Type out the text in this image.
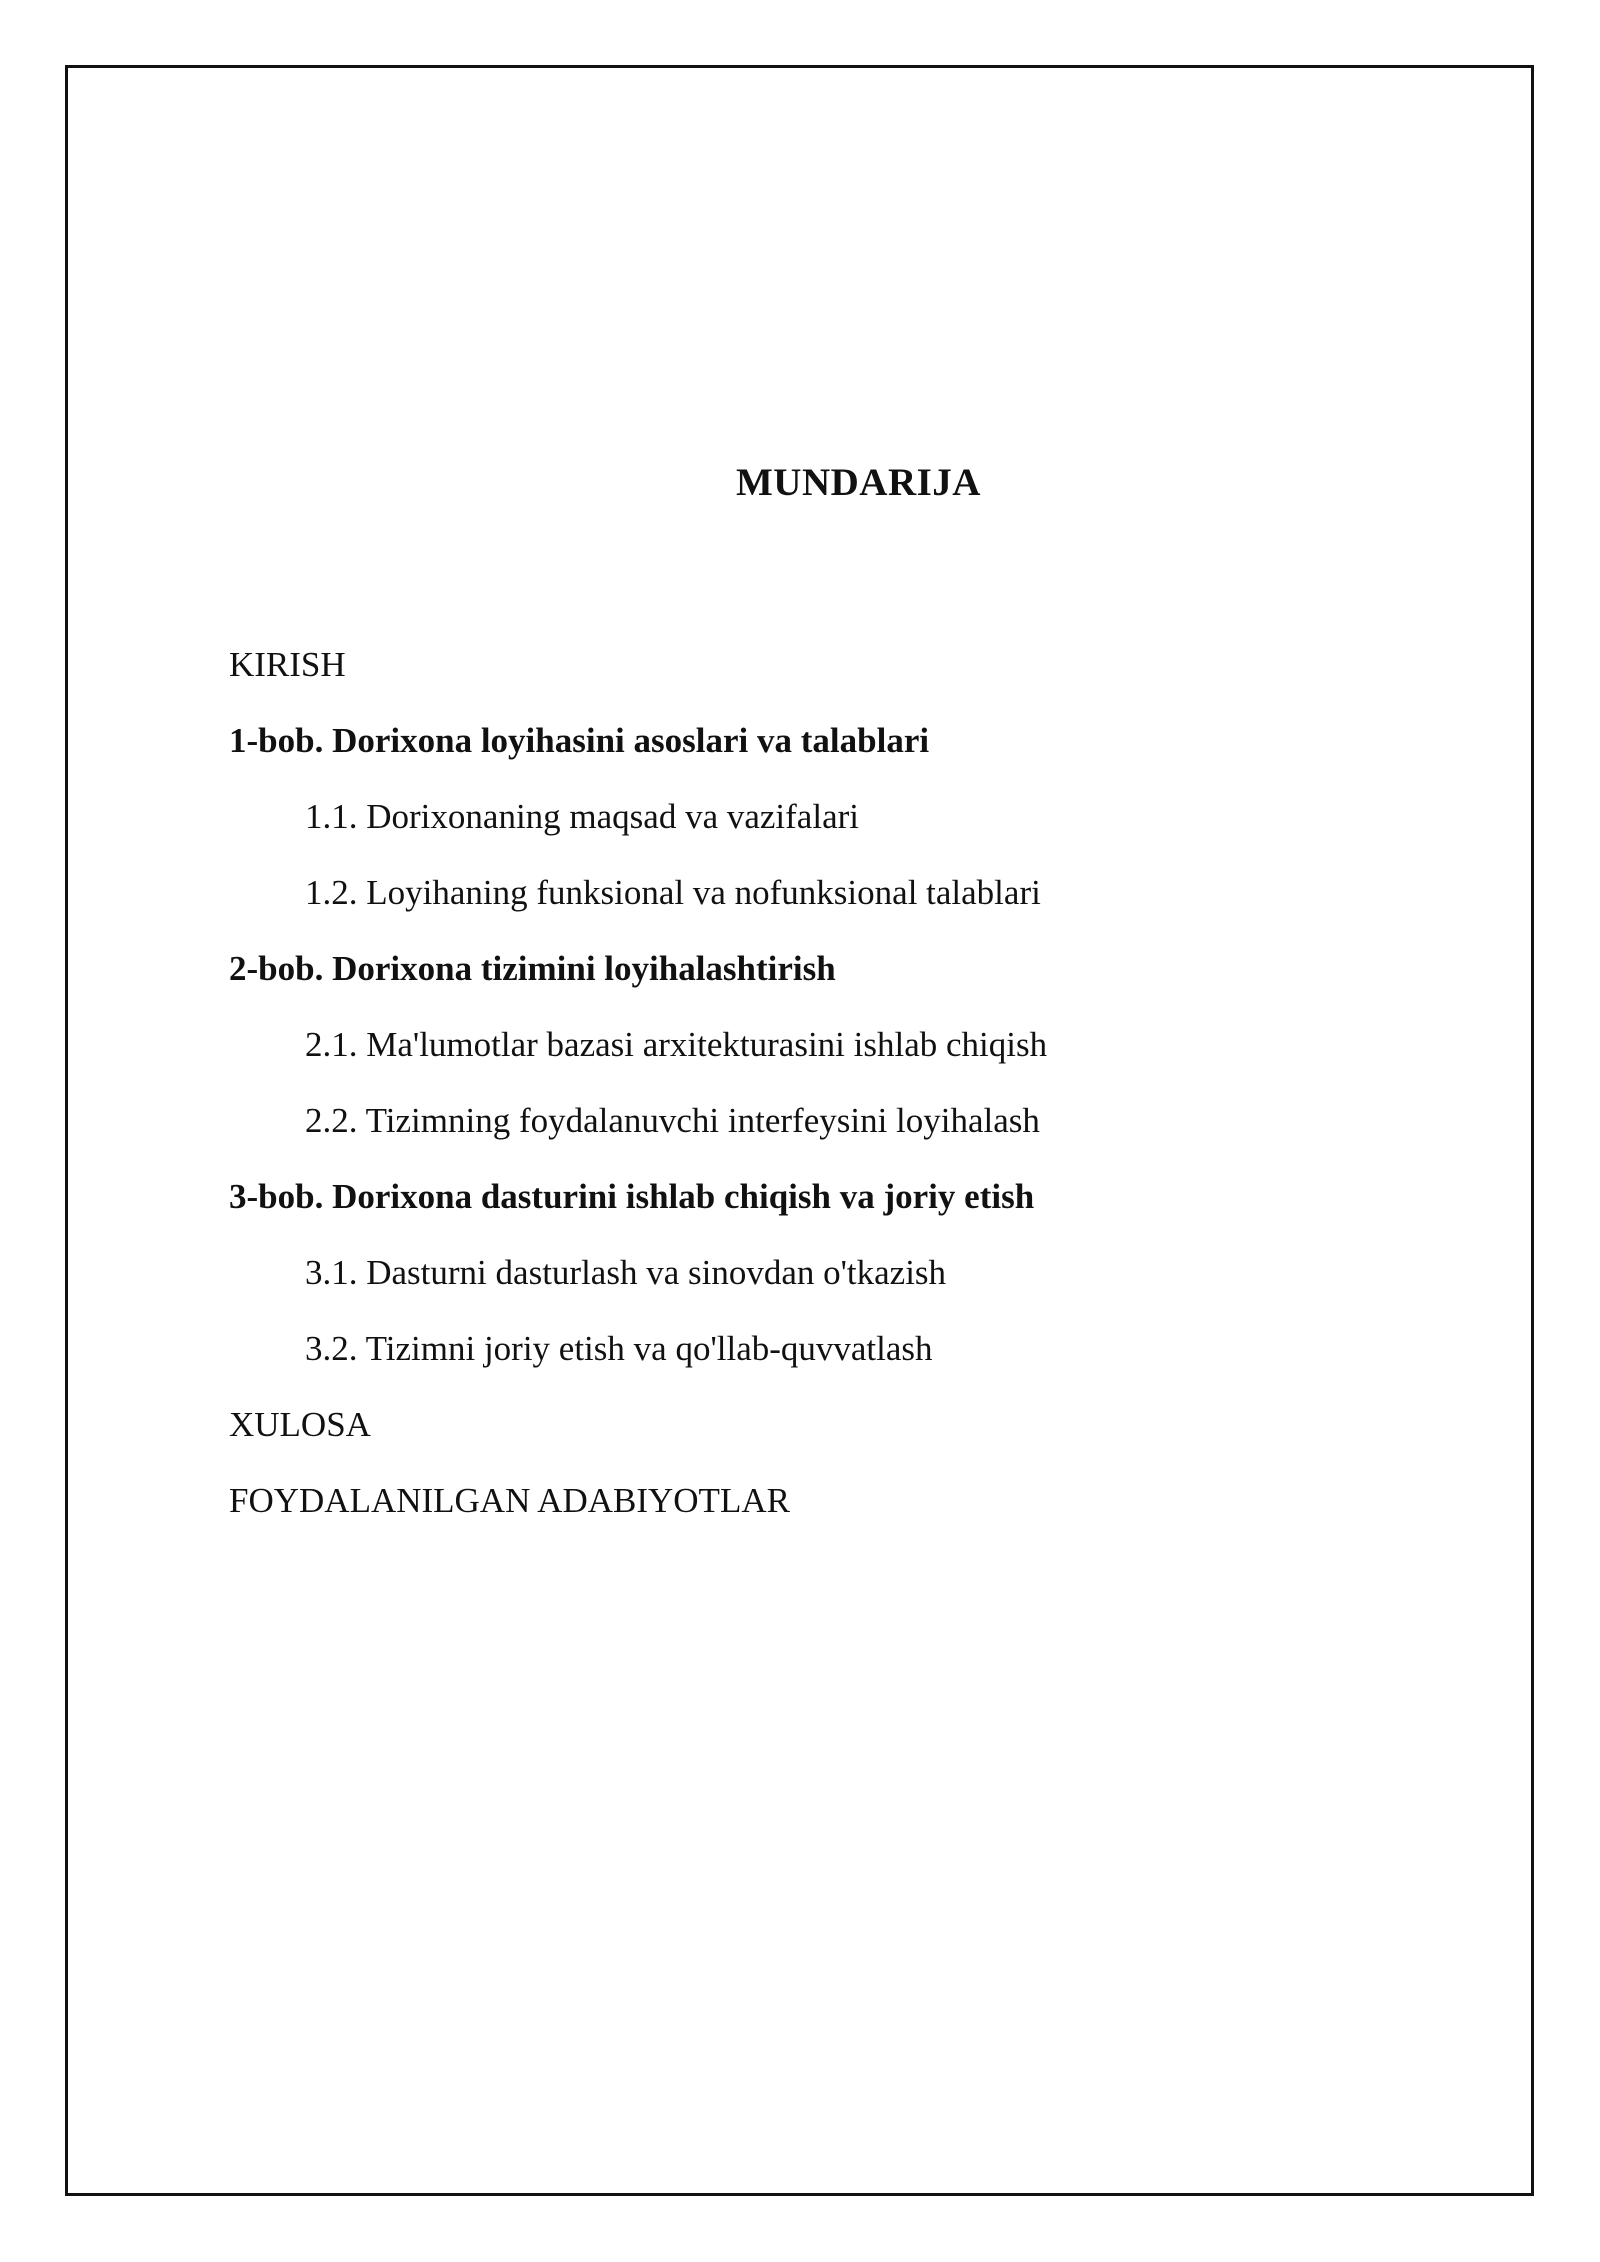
MUNDARIJA
KIRISH
1-bob. Dorixona loyihasini asoslari va talablari
1.1. Dorixonaning maqsad va vazifalari
1.2. Loyihaning funksional va nofunksional talablari
2-bob. Dorixona tizimini loyihalashtirish
2.1. Ma'lumotlar bazasi arxitekturasini ishlab chiqish
2.2. Tizimning foydalanuvchi interfeysini loyihalash
3-bob. Dorixona dasturini ishlab chiqish va joriy etish
3.1. Dasturni dasturlash va sinovdan o'tkazish
3.2. Tizimni joriy etish va qo'llab-quvvatlash
XULOSA
FOYDALANILGAN ADABIYOTLAR
